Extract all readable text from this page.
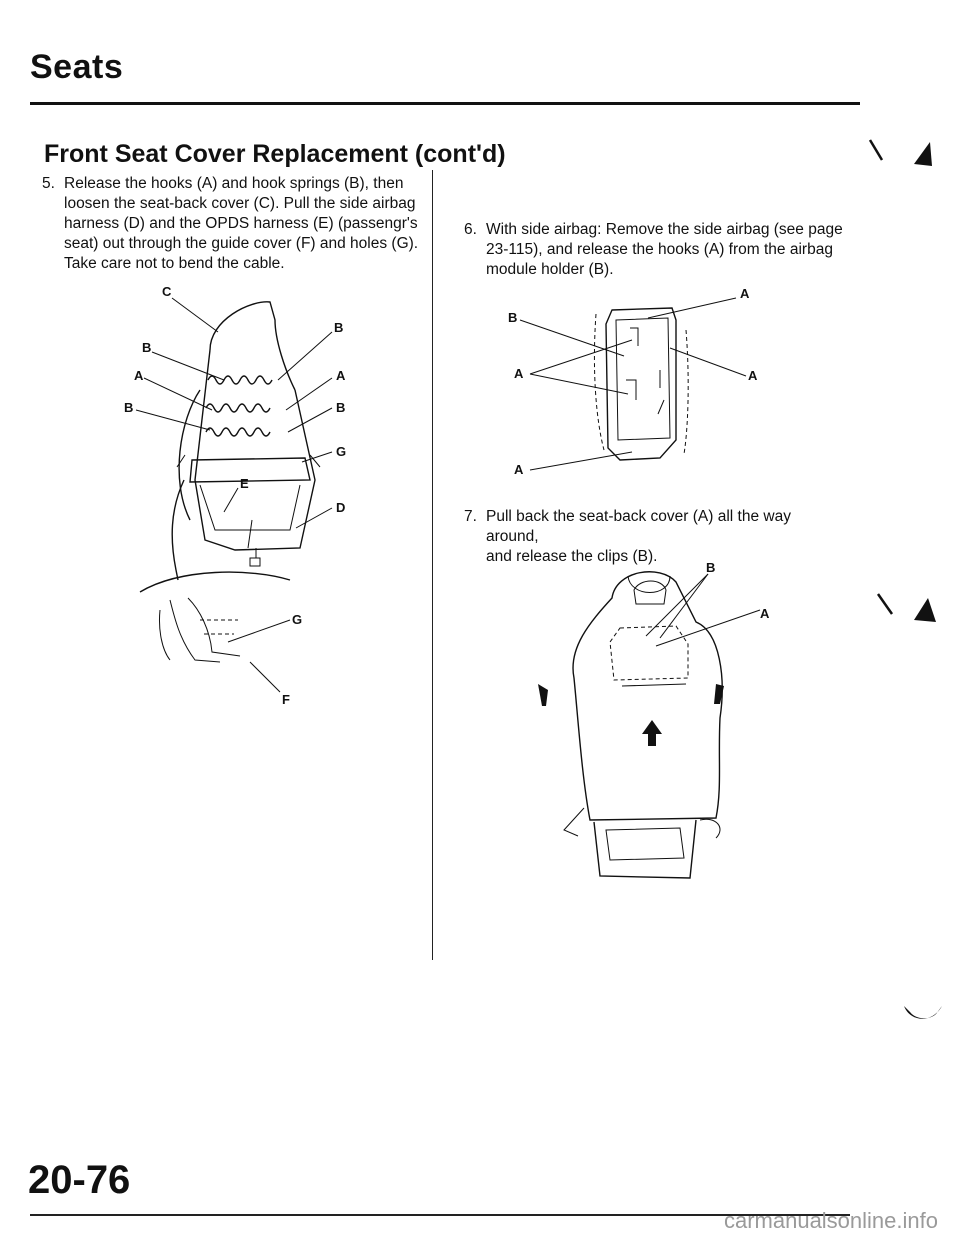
Seats
Front Seat Cover Replacement (cont'd)
5. Release the hooks (A) and hook springs (B), then
loosen the seat-back cover (C). Pull the side airbag
harness (D) and the OPDS harness (E) (passengr's
seat) out through the guide cover (F) and holes (G).
Take care not to bend the cable.
C
B
B
A	A
B	B
G
E
D
G
F
6. With side airbag: Remove the side airbag (see page
23-115), and release the hooks (A) from the airbag
module holder (B).
A
B
A	A
A
7. Pull back the seat-back cover (A) all the way around,
and release the clips (B).
B
A
20-76
carmanualsonline.info
